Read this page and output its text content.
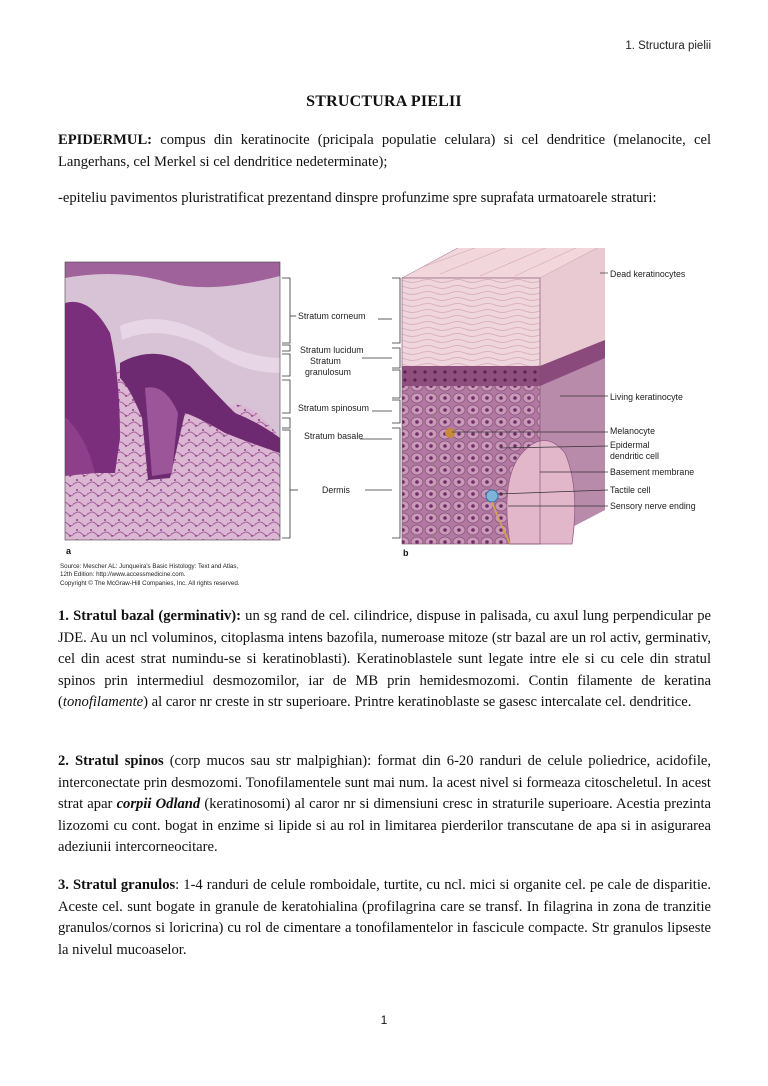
1. Structura pielii
STRUCTURA PIELII
EPIDERMUL: compus din keratinocite (pricipala populatie celulara) si cel dendritice (melanocite, cel Langerhans, cel Merkel si cel dendritice nedeterminate);
-epiteliu pavimentos pluristratificat prezentand dinspre profunzime spre suprafata urmatoarele straturi:
a
Source: Mescher AL: Junqueira's Basic Histology: Text and Atlas,
12th Edition: http://www.accessmedicine.com.
Copyright © The McGraw-Hill Companies, Inc. All rights reserved.
Stratum corneum
Stratum lucidum
Stratum
granulosum
Stratum spinosum
Stratum basale
Dermis
b
Dead keratinocytes
Living keratinocyte
Melanocyte
Epidermal
dendritic cell
Basement membrane
Tactile cell
Sensory nerve ending
1. Stratul bazal (germinativ): un sg rand de cel. cilindrice, dispuse in palisada, cu axul lung perpendicular pe JDE. Au un ncl voluminos, citoplasma intens bazofila, numeroase mitoze (str bazal are un rol activ, germinativ, cel din acest strat numindu-se si keratinoblasti). Keratinoblastele sunt legate intre ele si cu cele din stratul spinos prin intermediul desmozomilor, iar de MB prin hemidesmozomi. Contin filamente de keratina (tonofilamente) al caror nr creste in str superioare. Printre keratinoblaste se gasesc intercalate cel. dendritice.
2. Stratul spinos (corp mucos sau str malpighian): format din 6-20 randuri de celule poliedrice, acidofile, interconectate prin desmozomi. Tonofilamentele sunt mai num. la acest nivel si formeaza citoscheletul. In acest strat apar corpii Odland (keratinosomi) al caror nr si dimensiuni cresc in straturile superioare. Acestia prezinta lizozomi cu cont. bogat in enzime si lipide si au rol in limitarea pierderilor transcutane de apa si in asigurarea adeziunii intercorneocitare.
3. Stratul granulos: 1-4 randuri de celule romboidale, turtite, cu ncl. mici si organite cel. pe cale de disparitie. Aceste cel. sunt bogate in granule de keratohialina (profilagrina care se transf. In filagrina in zona de tranzitie granulos/cornos si loricrina) cu rol de cimentare a tonofilamentelor in fascicule compacte. Str granulos lipseste la nivelul mucoaselor.
1
